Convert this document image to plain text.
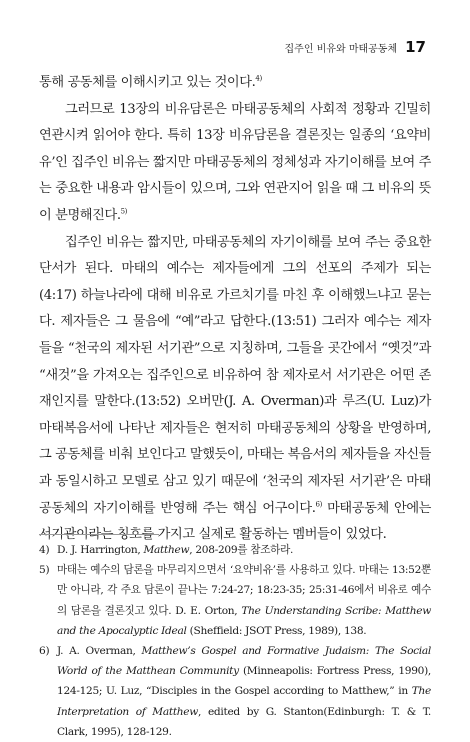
집주인 비유와 마태공동체 17

통해 공동체를 이해시키고 있는 것이다.$^{4)}$

그러므로 13장의 비유담론은 마태공동체의 사회적 정황과 긴밀히 연관시켜 읽어야 한다. 특히 13장 비유담론을 결론짓는 일종의 ‘요약비유’인 집주인 비유는 짧지만 마태공동체의 정체성과 자기이해를 보여 주는 중요한 내용과 암시들이 있으며, 그와 연관지어 읽을 때 그 비유의 뜻이 분명해진다.$^{5)}$

집주인 비유는 짧지만, 마태공동체의 자기이해를 보여 주는 중요한 단서가 된다. 마태의 예수는 제자들에게 그의 선포의 주제가 되는(4:17) 하늘나라에 대해 비유로 가르치기를 마친 후 이해했느냐고 묻는다. 제자들은 그 물음에 “예”라고 답한다.(13:51) 그러자 예수는 제자들을 “천국의 제자된 서기관”으로 지칭하며, 그들을 곳간에서 “옛것”과 “새것”을 가져오는 집주인으로 비유하여 참 제자로서 서기관은 어떤 존재인지를 말한다.(13:52) 오버만(J. A. Overman)과 루즈(U. Luz)가 마태복음서에 나타난 제자들은 현저히 마태공동체의 상황을 반영하며, 그 공동체를 비춰 보인다고 말했듯이, 마태는 복음서의 제자들을 자신들과 동일시하고 모델로 삼고 있기 때문에 ‘천국의 제자된 서기관’은 마태공동체의 자기이해를 반영해 주는 핵심 어구이다.$^{6)}$ 마태공동체 안에는 서기관이라는 칭호를 가지고 실제로 활동하는 멤버들이 있었다.

4) D. J. Harrington, Matthew, 208-209를 참조하라.
5) 마태는 예수의 담론을 마무리지으면서 ‘요약비유’를 사용하고 있다. 마태는 13:52뿐만 아니라, 각 주요 담론이 끝나는 7:24-27; 18:23-35; 25:31-46에서 비유로 예수의 담론을 결론짓고 있다. D. E. Orton, The Understanding Scribe: Matthew and the Apocalyptic Ideal (Sheffield: JSOT Press, 1989), 138.
6) J. A. Overman, Matthew’s Gospel and Formative Judaism: The Social World of the Matthean Community (Minneapolis: Fortress Press, 1990), 124-125; U. Luz, “Disciples in the Gospel according to Matthew,” in The Interpretation of Matthew, edited by G. Stanton(Edinburgh: T. & T. Clark, 1995), 128-129.
